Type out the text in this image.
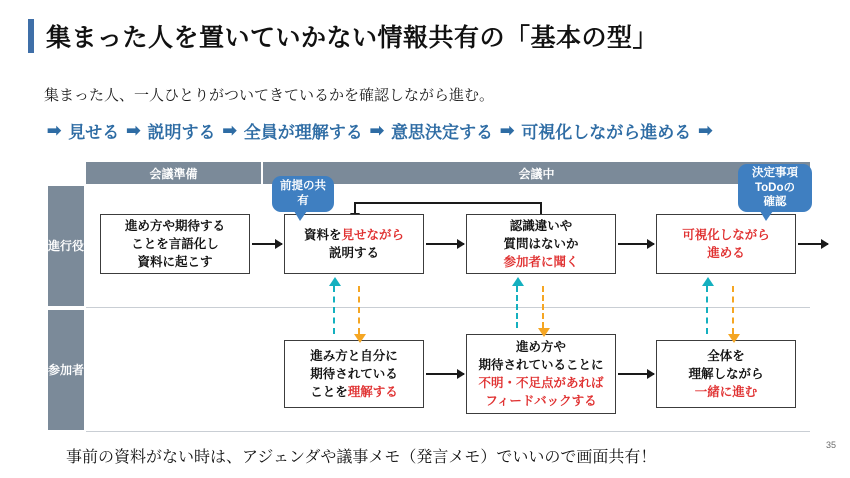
集まった人を置いていかない情報共有の「基本の型」
集まった人、一人ひとりがついてきているかを確認しながら進む。
➡ 見せる ➡ 説明する ➡ 全員が理解する ➡ 意思決定する ➡ 可視化しながら進める ➡
会議準備	会議中
進行役
参加者
進め方や期待する
ことを言語化し
資料に起こす
資料を見せながら
説明する
認識違いや
質問はないか
参加者に聞く
可視化しながら
進める
進み方と自分に
期待されている
ことを理解する
進め方や
期待されていることに
不明・不足点があれば
フィードバックする
全体を
理解しながら
一緒に進む
前提の共
有
決定事項
ToDoの
確認
事前の資料がない時は、アジェンダや議事メモ（発言メモ）でいいので画面共有！
35
